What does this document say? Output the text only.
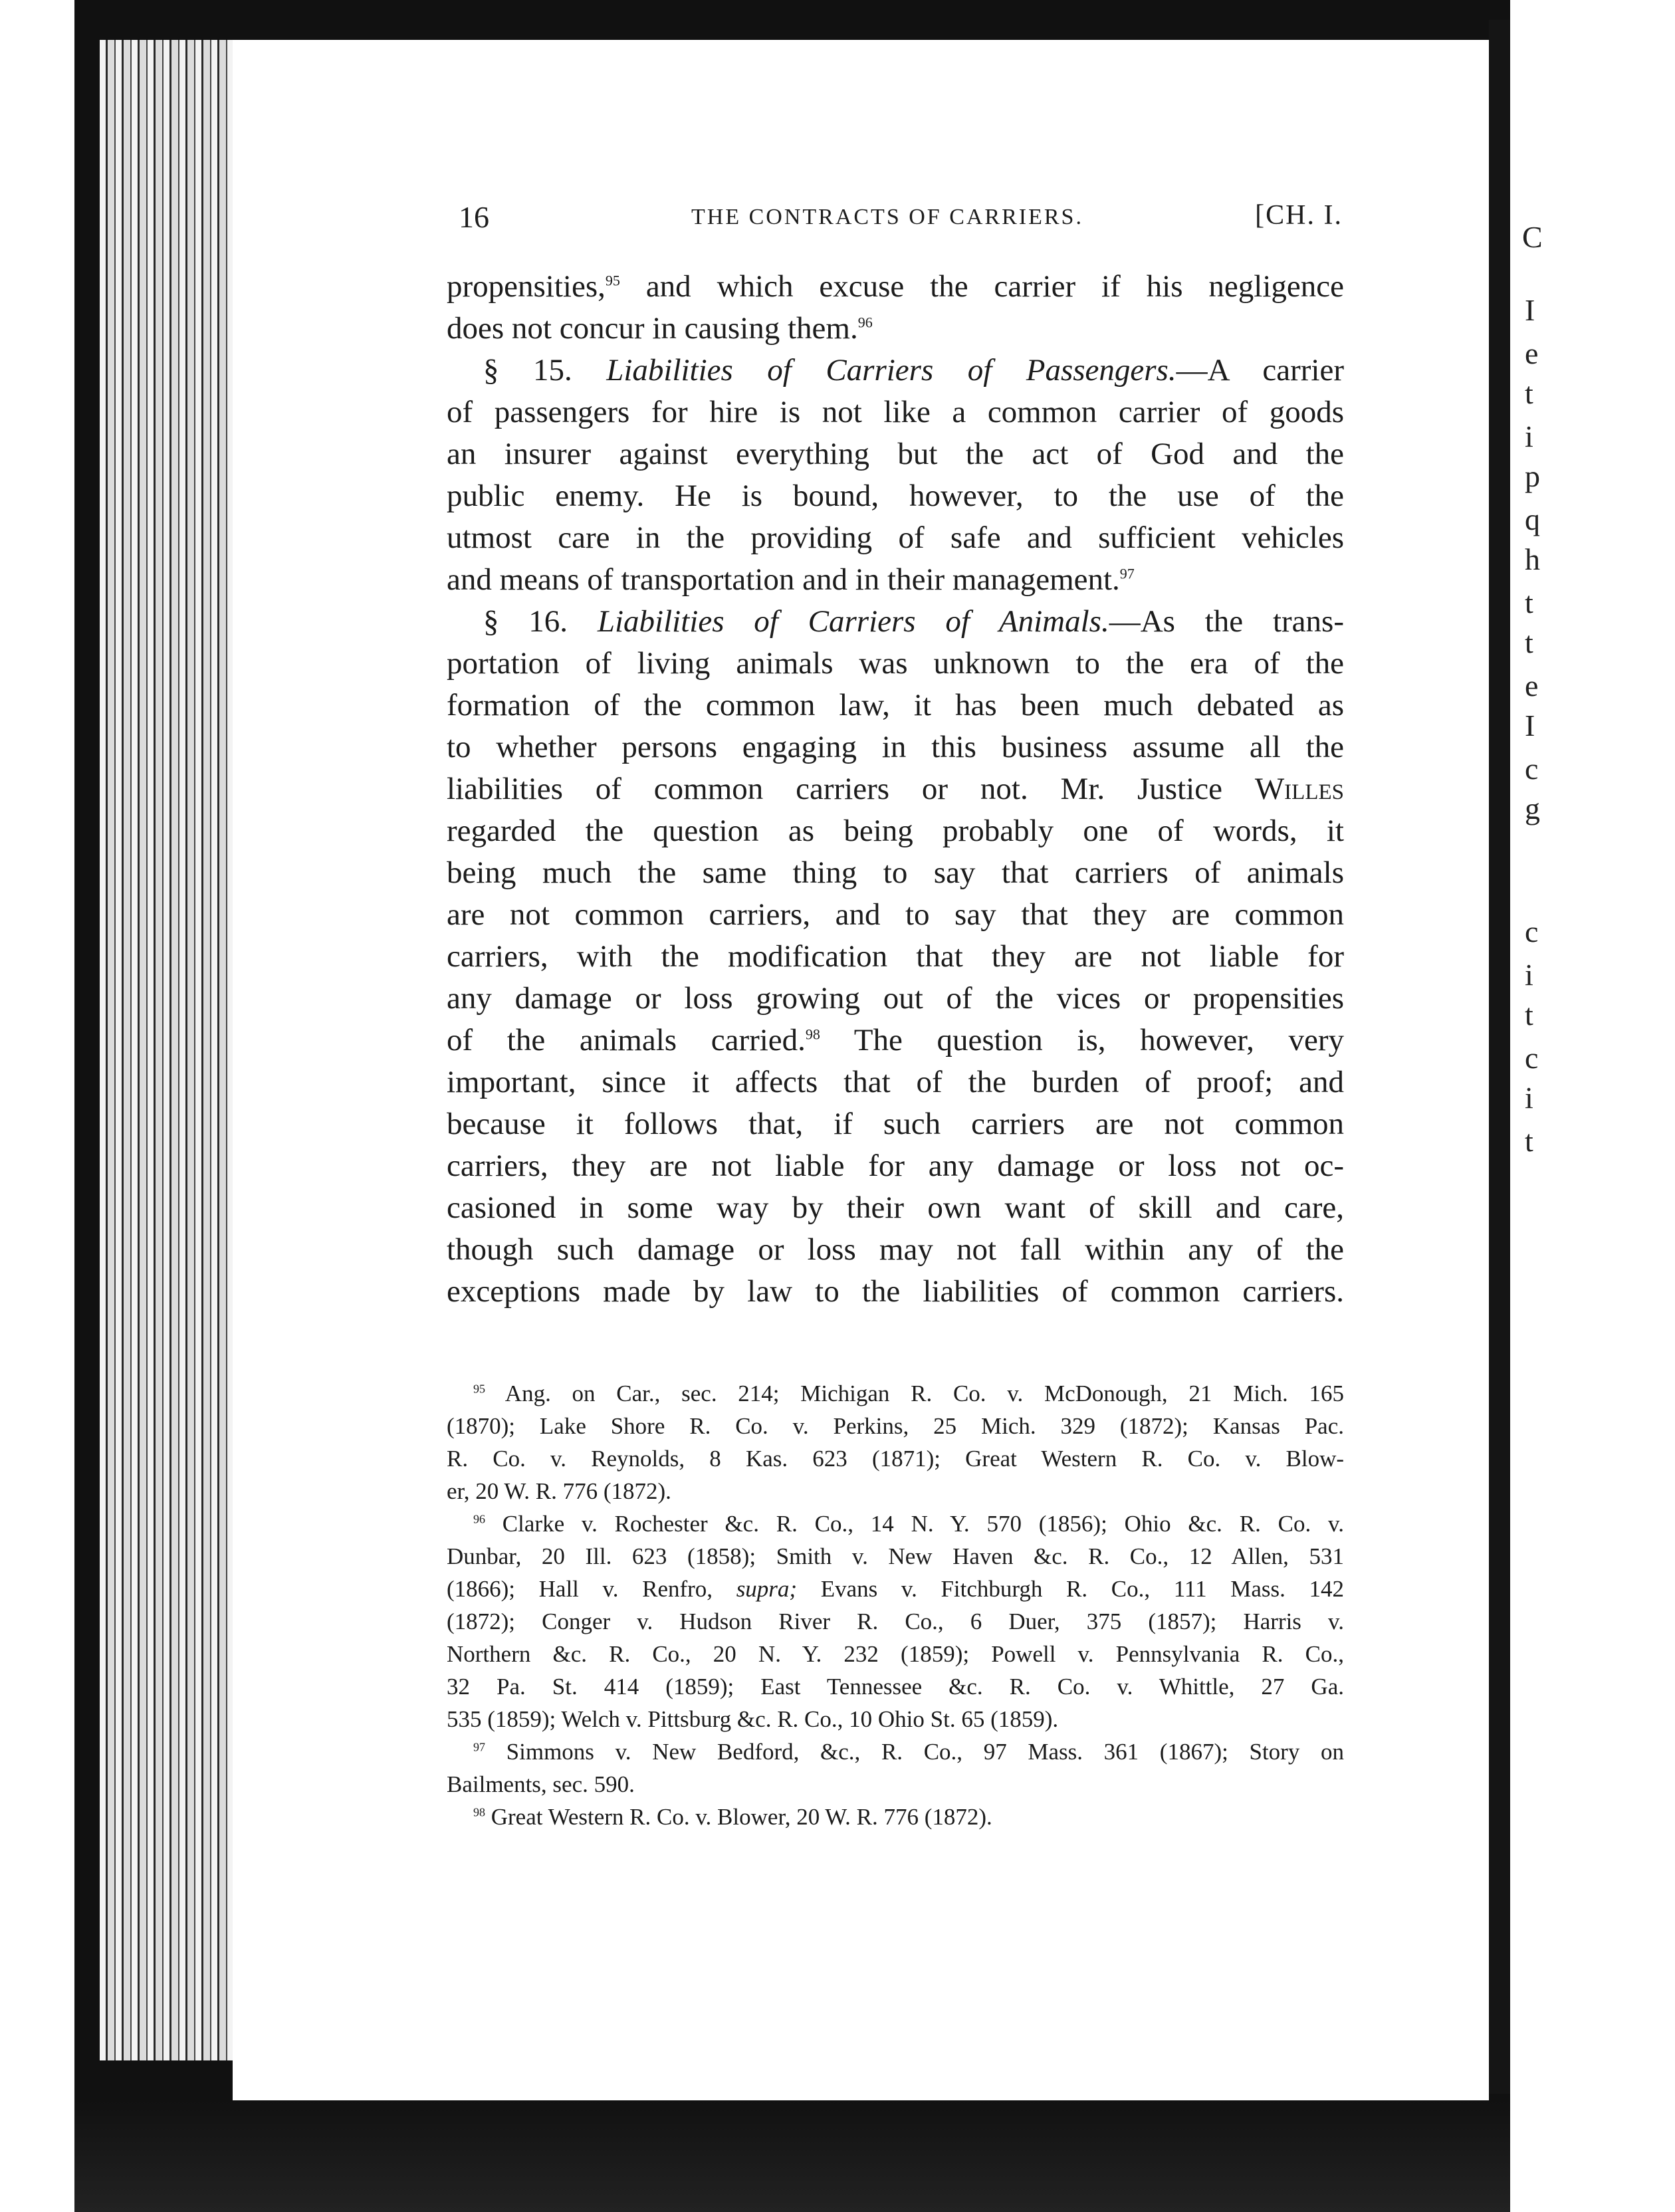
C
I
e
t
i
p
q
h
t
t
e
I
c
g
c
i
t
c
i
t
16	THE CONTRACTS OF CARRIERS.	[CH. I.
propensities,$^{95}$ and which excuse the carrier if his negligence
does not concur in causing them.$^{96}$
§ 15. Liabilities of Carriers of Passengers.—A carrier
of passengers for hire is not like a common carrier of goods
an insurer against everything but the act of God and the
public enemy. He is bound, however, to the use of the
utmost care in the providing of safe and sufficient vehicles
and means of transportation and in their management.$^{97}$
§ 16. Liabilities of Carriers of Animals.—As the trans-
portation of living animals was unknown to the era of the
formation of the common law, it has been much debated as
to whether persons engaging in this business assume all the
liabilities of common carriers or not. Mr. Justice Willes
regarded the question as being probably one of words, it
being much the same thing to say that carriers of animals
are not common carriers, and to say that they are common
carriers, with the modification that they are not liable for
any damage or loss growing out of the vices or propensities
of the animals carried.$^{98}$ The question is, however, very
important, since it affects that of the burden of proof; and
because it follows that, if such carriers are not common
carriers, they are not liable for any damage or loss not oc-
casioned in some way by their own want of skill and care,
though such damage or loss may not fall within any of the
exceptions made by law to the liabilities of common carriers.
$^{95}$ Ang. on Car., sec. 214; Michigan R. Co. v. McDonough, 21 Mich. 165
(1870); Lake Shore R. Co. v. Perkins, 25 Mich. 329 (1872); Kansas Pac.
R. Co. v. Reynolds, 8 Kas. 623 (1871); Great Western R. Co. v. Blow-
er, 20 W. R. 776 (1872).
$^{96}$ Clarke v. Rochester &c. R. Co., 14 N. Y. 570 (1856); Ohio &c. R. Co. v.
Dunbar, 20 Ill. 623 (1858); Smith v. New Haven &c. R. Co., 12 Allen, 531
(1866); Hall v. Renfro, supra; Evans v. Fitchburgh R. Co., 111 Mass. 142
(1872); Conger v. Hudson River R. Co., 6 Duer, 375 (1857); Harris v.
Northern &c. R. Co., 20 N. Y. 232 (1859); Powell v. Pennsylvania R. Co.,
32 Pa. St. 414 (1859); East Tennessee &c. R. Co. v. Whittle, 27 Ga.
535 (1859); Welch v. Pittsburg &c. R. Co., 10 Ohio St. 65 (1859).
$^{97}$ Simmons v. New Bedford, &c., R. Co., 97 Mass. 361 (1867); Story on
Bailments, sec. 590.
$^{98}$ Great Western R. Co. v. Blower, 20 W. R. 776 (1872).
